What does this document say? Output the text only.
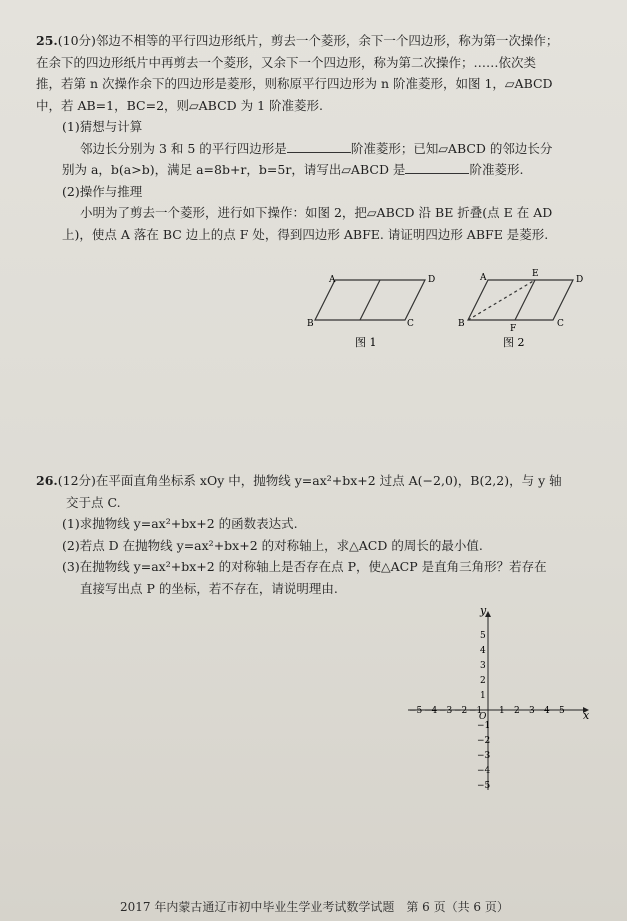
25.(10分)邻边不相等的平行四边形纸片，剪去一个菱形，余下一个四边形，称为第一次操作；

在余下的四边形纸片中再剪去一个菱形，又余下一个四边形，称为第二次操作；……依次类

推，若第 n 次操作余下的四边形是菱形，则称原平行四边形为 n 阶准菱形，如图 1，▱ABCD

中，若 AB=1，BC=2，则▱ABCD 为 1 阶准菱形.

(1)猜想与计算

邻边长分别为 3 和 5 的平行四边形是	阶准菱形；已知▱ABCD 的邻边长分

别为 a，b(a>b)，满足 a=8b+r，b=5r，请写出▱ABCD 是	阶准菱形.

(2)操作与推理

小明为了剪去一个菱形，进行如下操作：如图 2，把▱ABCD 沿 BE 折叠(点 E 在 AD

上)，使点 A 落在 BC 边上的点 F 处，得到四边形 ABFE. 请证明四边形 ABFE 是菱形.

A	D
B	C
图 1
A	E
D
B	F	C
图 2

26.(12分)在平面直角坐标系 xOy 中，抛物线 y=ax²+bx+2 过点 A(−2,0)，B(2,2)，与 y 轴

交于点 C.

(1)求抛物线 y=ax²+bx+2 的函数表达式.

(2)若点 D 在抛物线 y=ax²+bx+2 的对称轴上，求△ACD 的周长的最小值.

(3)在抛物线 y=ax²+bx+2 的对称轴上是否存在点 P，使△ACP 是直角三角形？若存在

直接写出点 P 的坐标，若不存在，请说明理由.

x
y
O
−5 −4 −3 −2 −1 1 2 3 4 5
5
4
3
2
1
−1
−2
−3
−4
−5
2017 年内蒙古通辽市初中毕业生学业考试数学试题　第 6 页（共 6 页）
